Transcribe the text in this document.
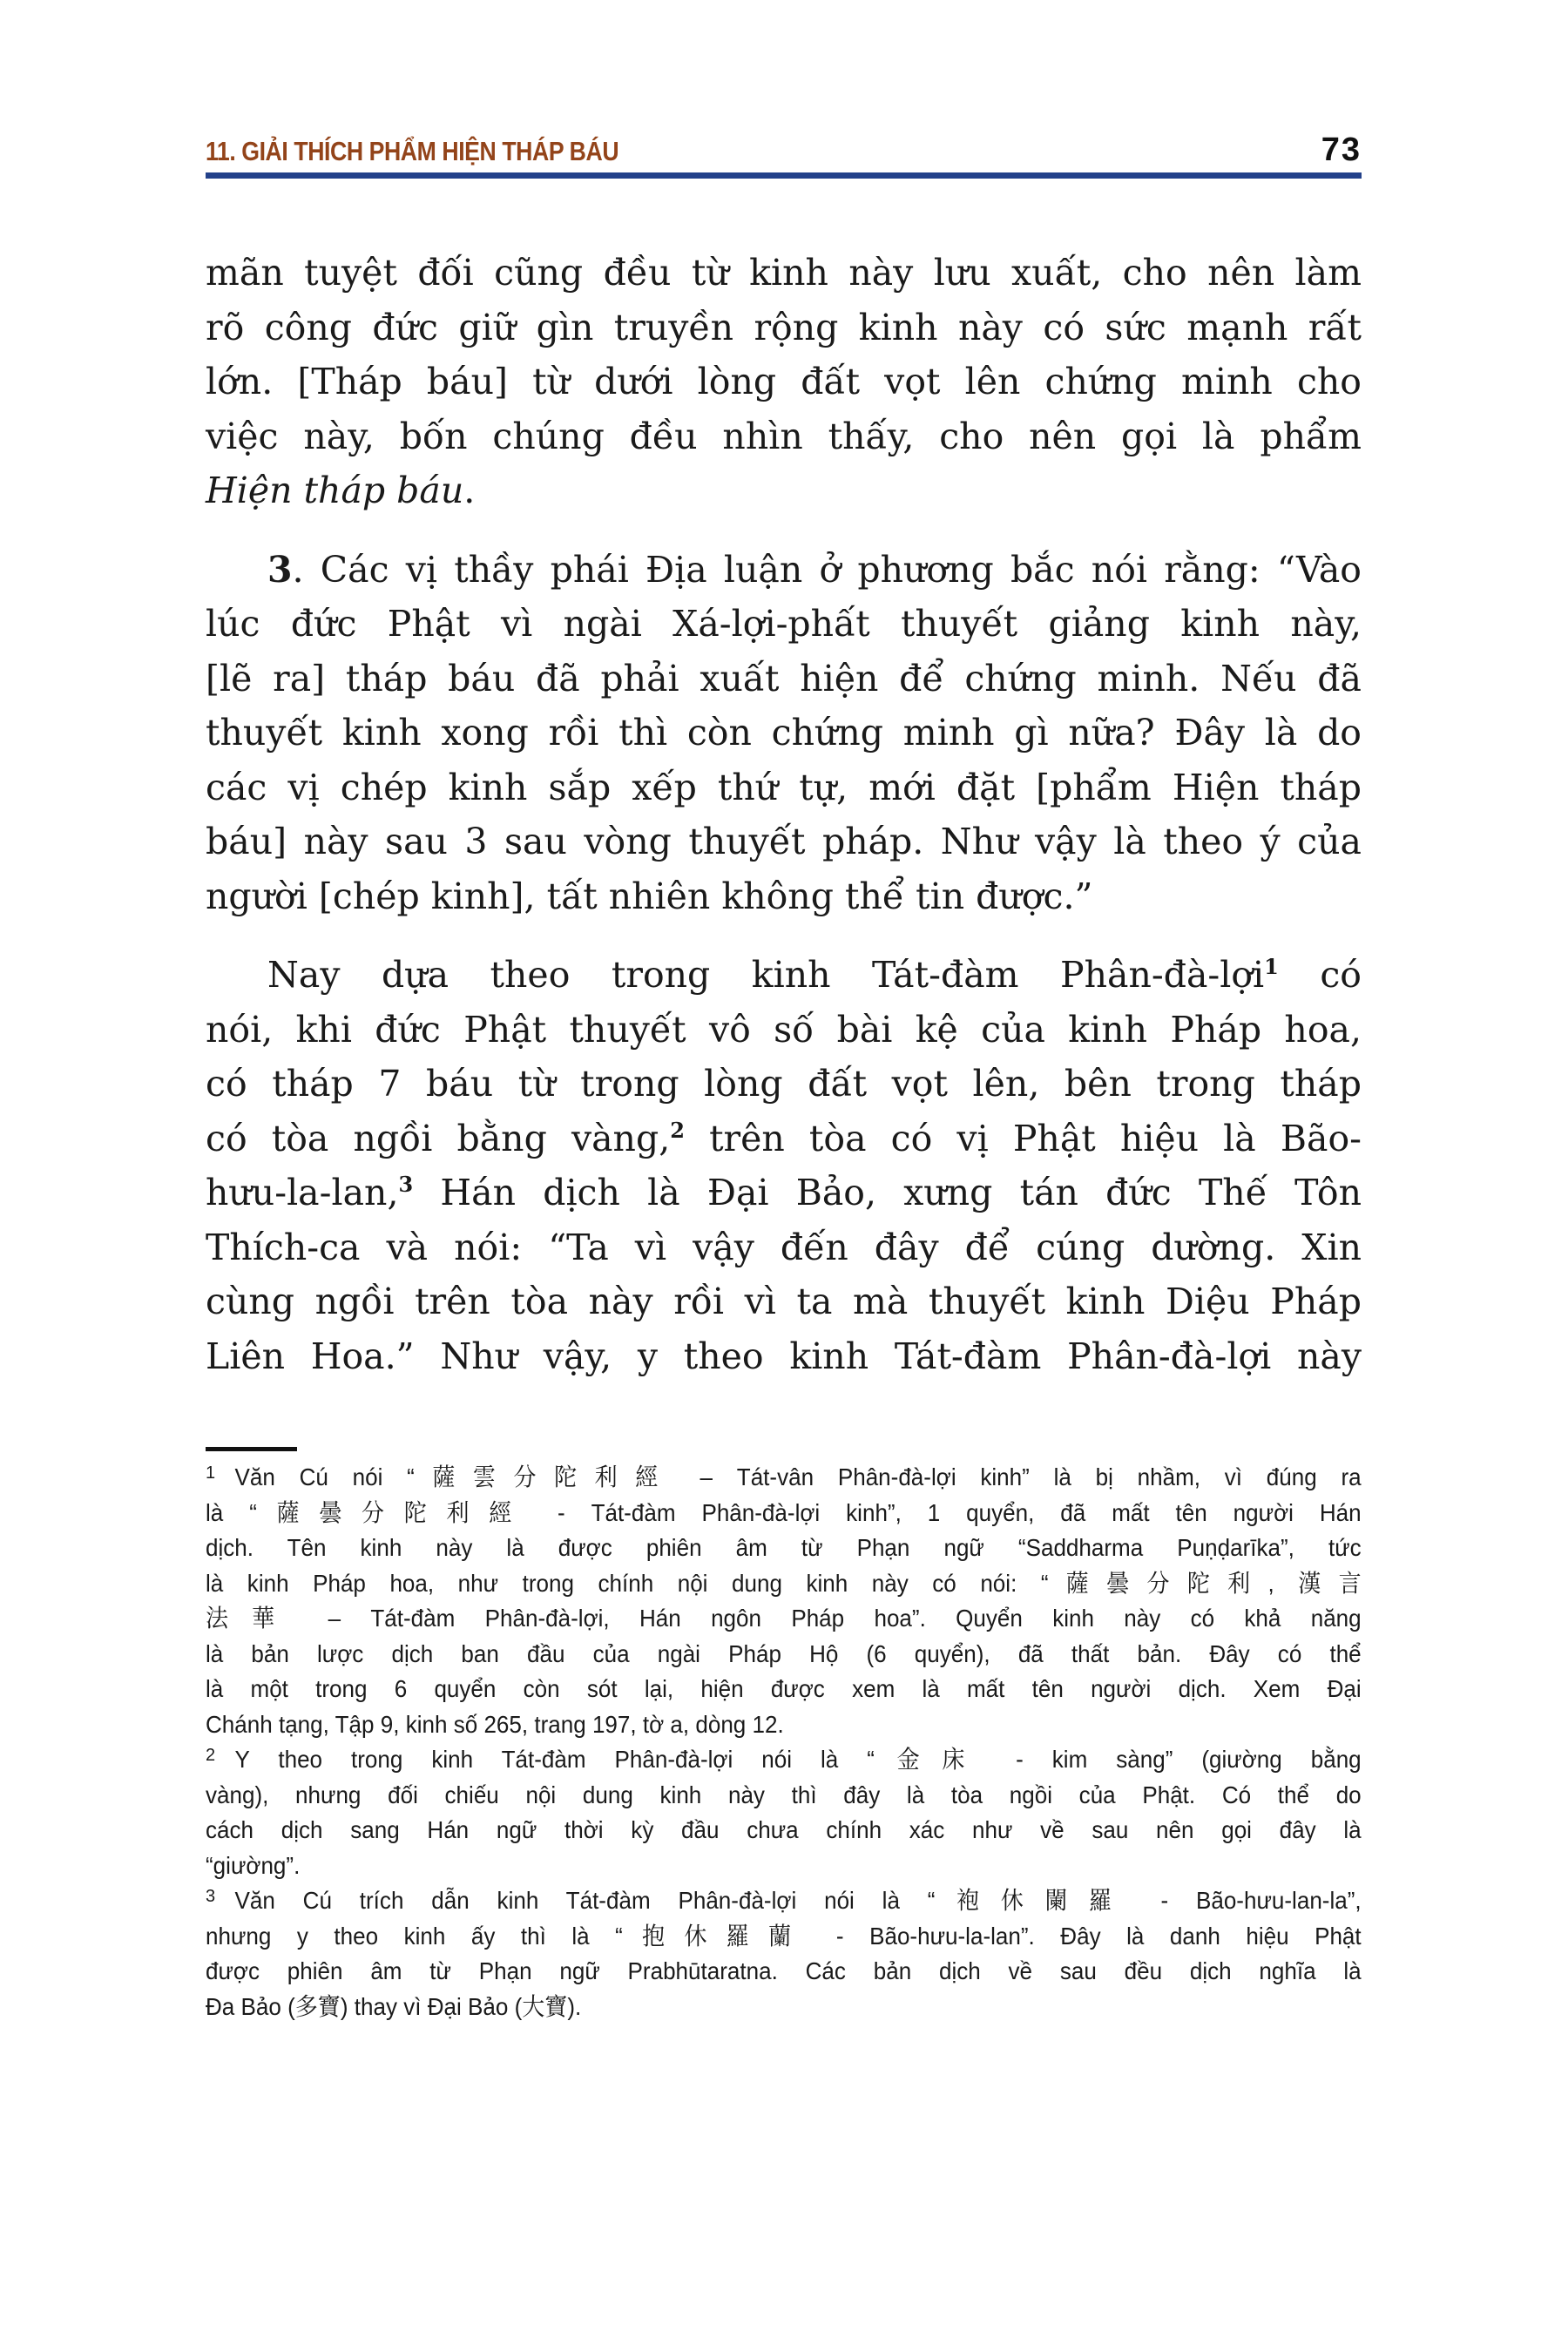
11. GIẢI THÍCH PHẨM HIỆN THÁP BÁU	73

mãn tuyệt đối cũng đều từ kinh này lưu xuất, cho nên làm
rõ công đức giữ gìn truyền rộng kinh này có sức mạnh rất
lớn. [Tháp báu] từ dưới lòng đất vọt lên chứng minh cho
việc này, bốn chúng đều nhìn thấy, cho nên gọi là phẩm
Hiện tháp báu.

3. Các vị thầy phái Địa luận ở phương bắc nói rằng: “Vào
lúc đức Phật vì ngài Xá-lợi-phất thuyết giảng kinh này,
[lẽ ra] tháp báu đã phải xuất hiện để chứng minh. Nếu đã
thuyết kinh xong rồi thì còn chứng minh gì nữa? Đây là do
các vị chép kinh sắp xếp thứ tự, mới đặt [phẩm Hiện tháp
báu] này sau 3 sau vòng thuyết pháp. Như vậy là theo ý của
người [chép kinh], tất nhiên không thể tin được.”

Nay dựa theo trong kinh Tát-đàm Phân-đà-lợi$^1$ có
nói, khi đức Phật thuyết vô số bài kệ của kinh Pháp hoa,
có tháp 7 báu từ trong lòng đất vọt lên, bên trong tháp
có tòa ngồi bằng vàng,$^2$ trên tòa có vị Phật hiệu là Bão-
hưu-la-lan,$^3$ Hán dịch là Đại Bảo, xưng tán đức Thế Tôn
Thích-ca và nói: “Ta vì vậy đến đây để cúng dường. Xin
cùng ngồi trên tòa này rồi vì ta mà thuyết kinh Diệu Pháp
Liên Hoa.” Như vậy, y theo kinh Tát-đàm Phân-đà-lợi này

1 Văn Cú nói “薩雲分陀利經 – Tát-vân Phân-đà-lợi kinh” là bị nhầm, vì đúng ra
là “薩曇分陀利經 - Tát-đàm Phân-đà-lợi kinh”, 1 quyển, đã mất tên người Hán
dịch. Tên kinh này là được phiên âm từ Phạn ngữ “Saddharma Puṇḍarīka”, tức
là kinh Pháp hoa, như trong chính nội dung kinh này có nói: “薩曇分陀利, 漢言
法華 – Tát-đàm Phân-đà-lợi, Hán ngôn Pháp hoa”. Quyển kinh này có khả năng
là bản lược dịch ban đầu của ngài Pháp Hộ (6 quyển), đã thất bản. Đây có thể
là một trong 6 quyển còn sót lại, hiện được xem là mất tên người dịch. Xem Đại
Chánh tạng, Tập 9, kinh số 265, trang 197, tờ a, dòng 12.
2 Y theo trong kinh Tát-đàm Phân-đà-lợi nói là “金床 - kim sàng” (giường bằng
vàng), nhưng đối chiếu nội dung kinh này thì đây là tòa ngồi của Phật. Có thể do
cách dịch sang Hán ngữ thời kỳ đầu chưa chính xác như về sau nên gọi đây là
“giường”.
3 Văn Cú trích dẫn kinh Tát-đàm Phân-đà-lợi nói là “袍休闌羅 - Bão-hưu-lan-la”,
nhưng y theo kinh ấy thì là “抱休羅蘭 - Bão-hưu-la-lan”. Đây là danh hiệu Phật
được phiên âm từ Phạn ngữ Prabhūtaratna. Các bản dịch về sau đều dịch nghĩa là
Đa Bảo (多寶) thay vì Đại Bảo (大寶).
